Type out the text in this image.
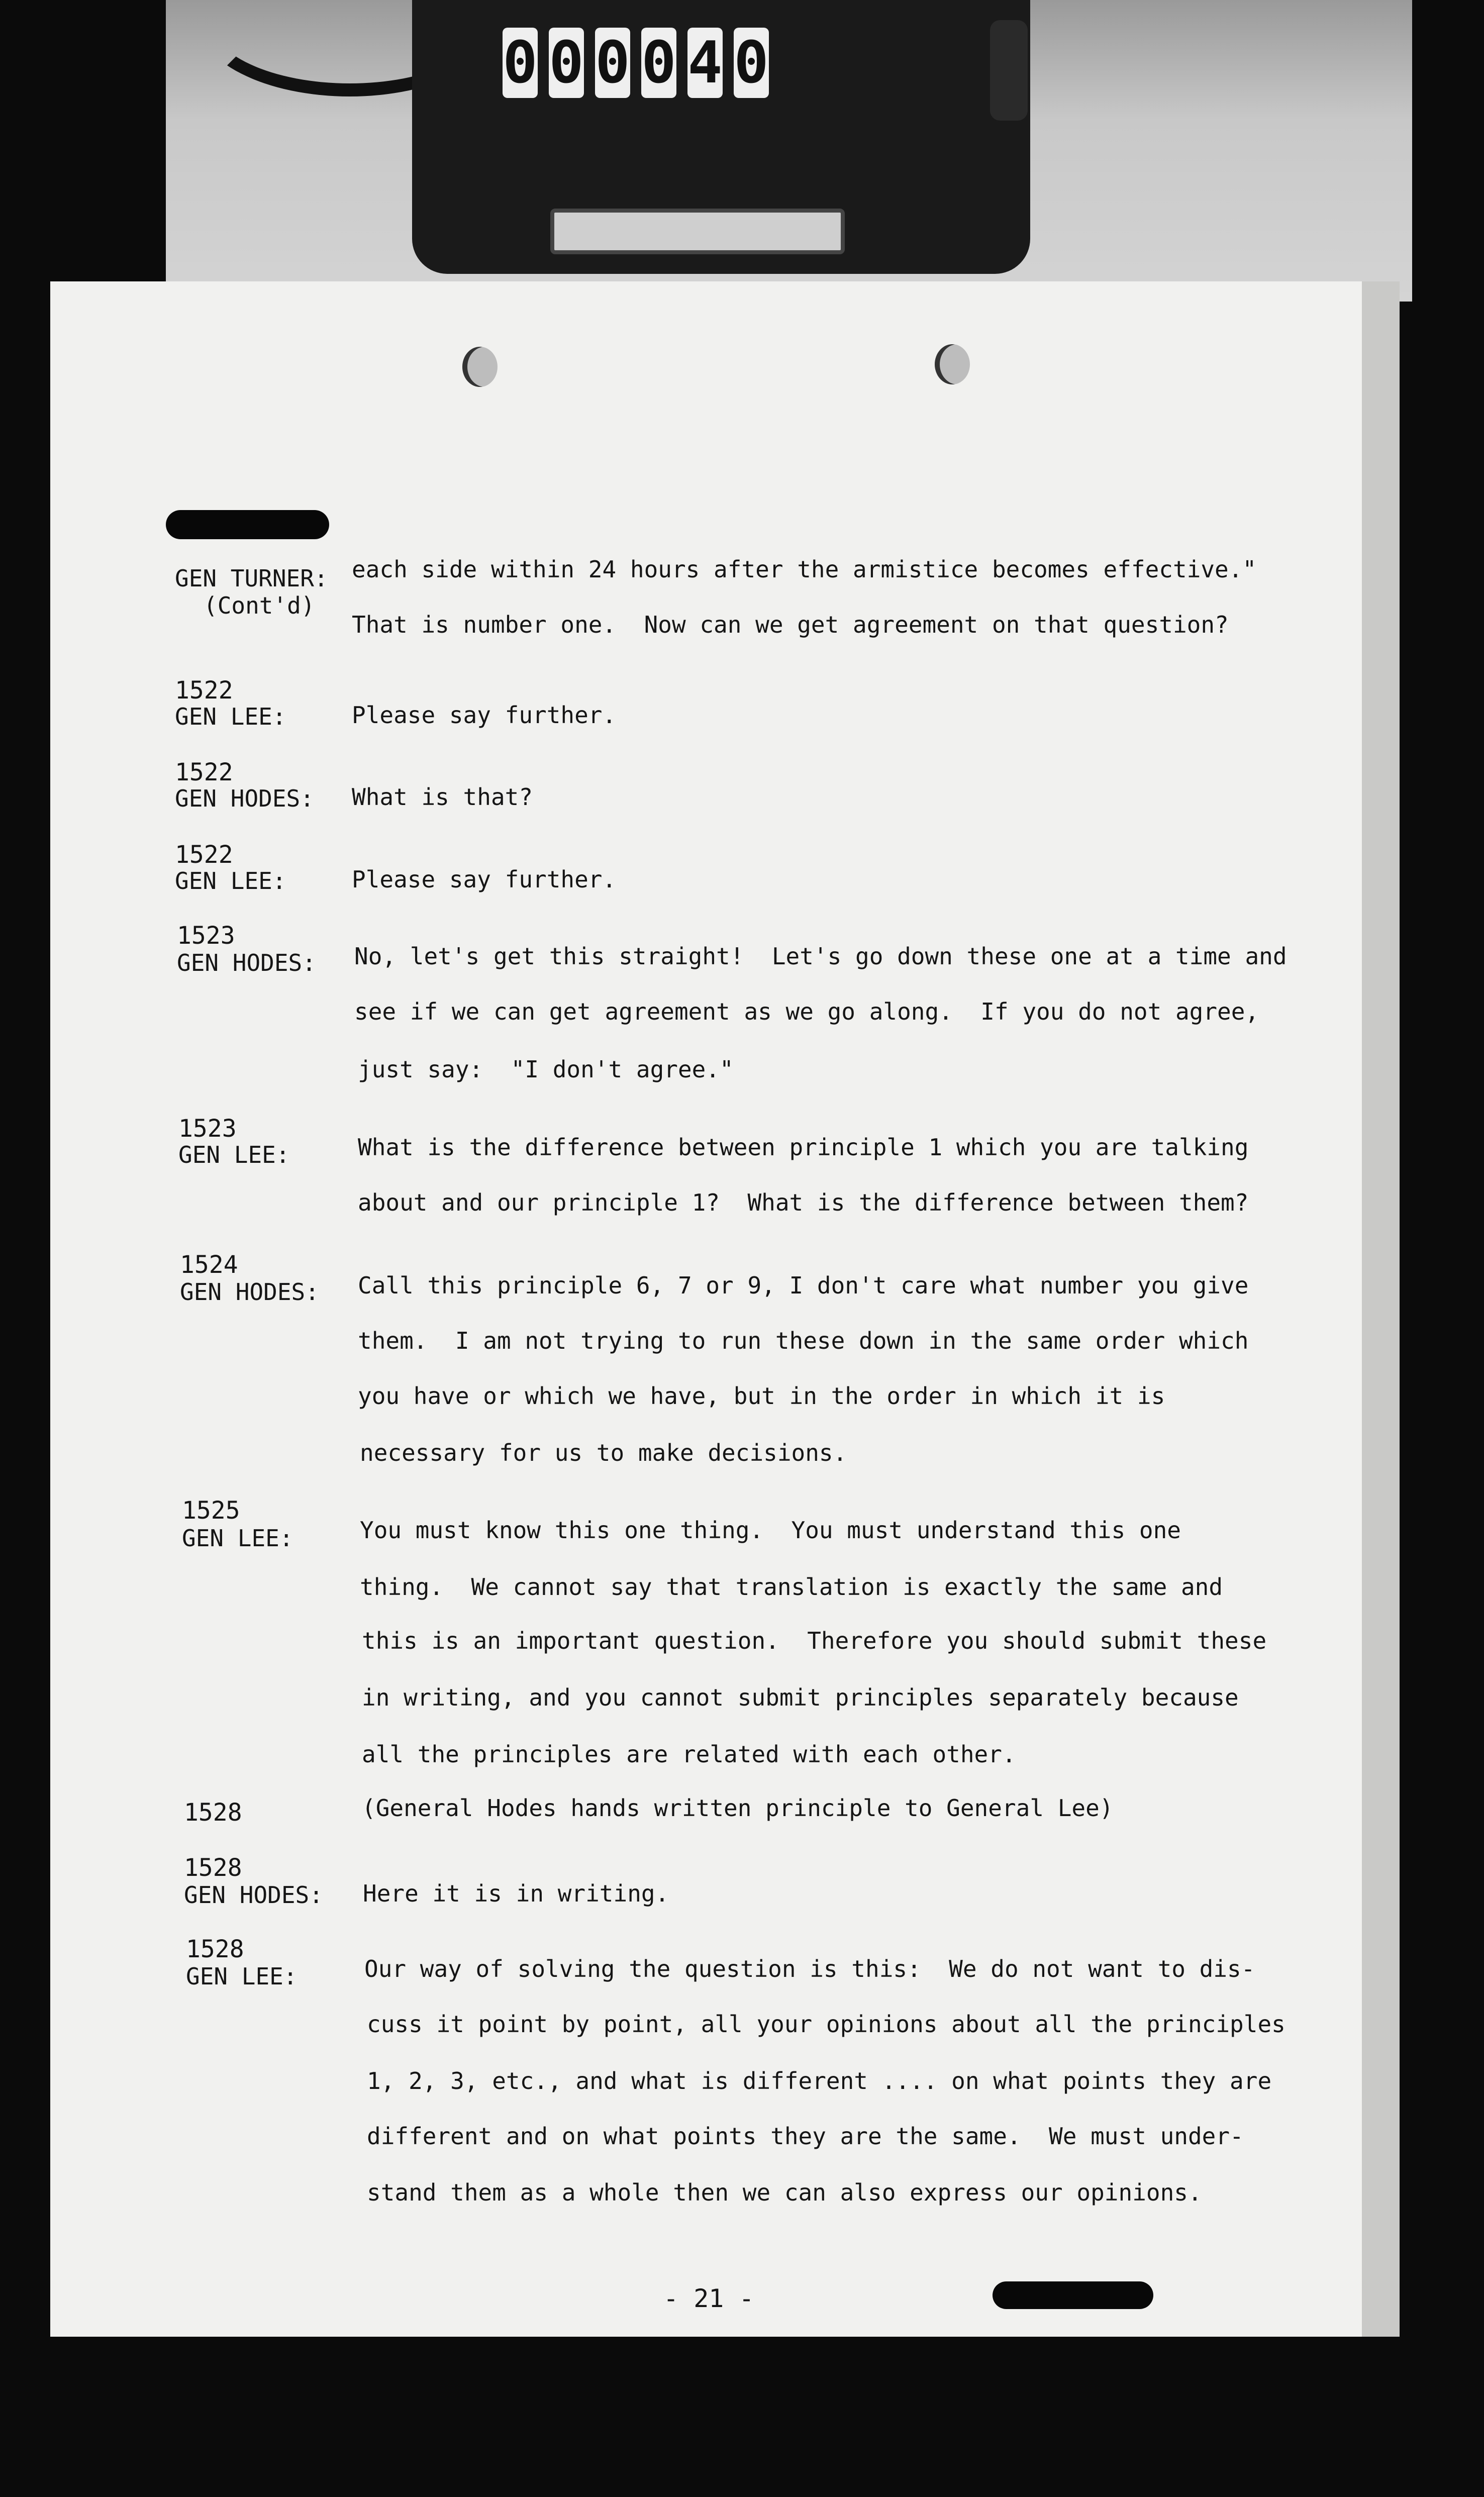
0 0 0 0 4 0
GEN TURNER:
(Cont'd)
each side within 24 hours after the armistice becomes effective."
That is number one.  Now can we get agreement on that question?
1522
GEN LEE:	Please say further.
1522
GEN HODES: What is that?
1522
GEN LEE:	Please say further.
1523
GEN HODES: No, let's get this straight!  Let's go down these one at a time and
see if we can get agreement as we go along.  If you do not agree,
just say:  "I don't agree."
1523
GEN LEE:	What is the difference between principle 1 which you are talking
about and our principle 1?  What is the difference between them?
1524
GEN HODES: Call this principle 6, 7 or 9, I don't care what number you give
them.  I am not trying to run these down in the same order which
you have or which we have, but in the order in which it is
necessary for us to make decisions.
1525
GEN LEE:	You must know this one thing.  You must understand this one
thing.  We cannot say that translation is exactly the same and
this is an important question.  Therefore you should submit these
in writing, and you cannot submit principles separately because
all the principles are related with each other.
1528	(General Hodes hands written principle to General Lee)
1528
GEN HODES: Here it is in writing.
1528
GEN LEE:	Our way of solving the question is this:  We do not want to dis-
cuss it point by point, all your opinions about all the principles
1, 2, 3, etc., and what is different .... on what points they are
different and on what points they are the same.  We must under-
stand them as a whole then we can also express our opinions.
- 21 -
